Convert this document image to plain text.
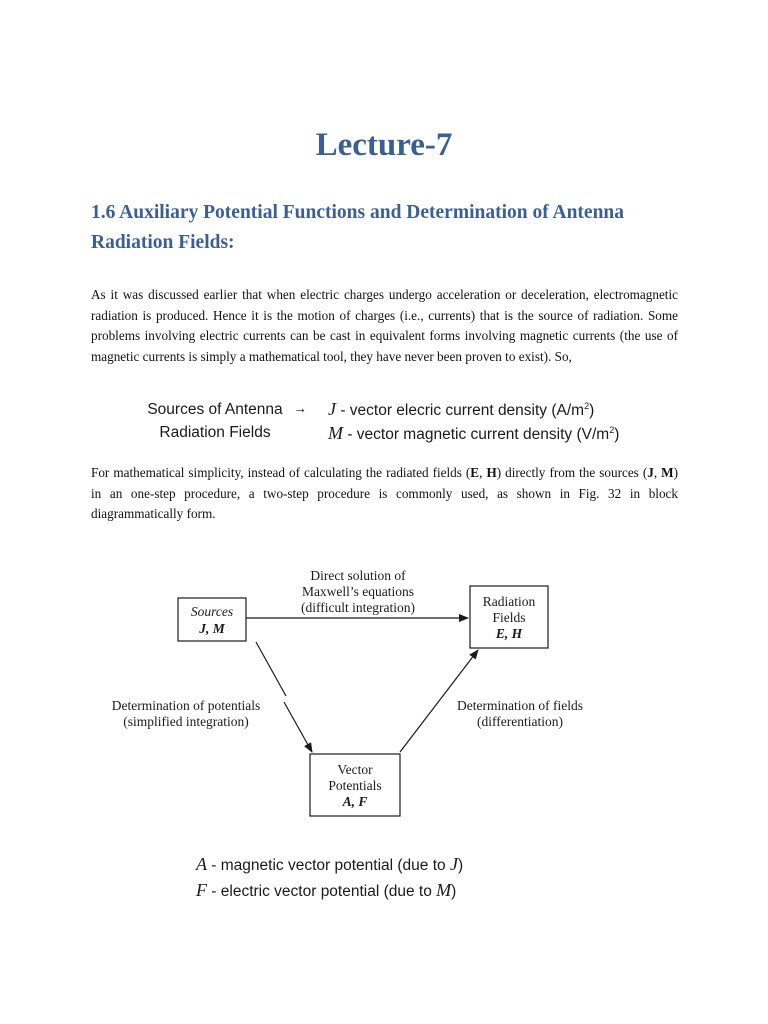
Lecture-7
1.6 Auxiliary Potential Functions and Determination of Antenna Radiation Fields:

As it was discussed earlier that when electric charges undergo acceleration or deceleration, electromagnetic radiation is produced. Hence it is the motion of charges (i.e., currents) that is the source of radiation. Some problems involving electric currents can be cast in equivalent forms involving magnetic currents (the use of magnetic currents is simply a mathematical tool, they have never been proven to exist). So,

Sources of Antenna
Radiation Fields
→ J - vector elecric current density $(A/m^2)$
M - vector magnetic current density $(V/m^2)$

For mathematical simplicity, instead of calculating the radiated fields (E, H) directly from the sources (J, M) in an one-step procedure, a two-step procedure is commonly used, as shown in Fig. 32 in block diagrammatically form.

Sources
J, M
Radiation
Fields
E, H
Vector
Potentials
A, F
Direct solution of
Maxwell’s equations
(difficult integration)
Determination of potentials
(simplified integration)
Determination of fields
(differentiation)
A - magnetic vector potential (due to J)
F - electric vector potential (due to M)
